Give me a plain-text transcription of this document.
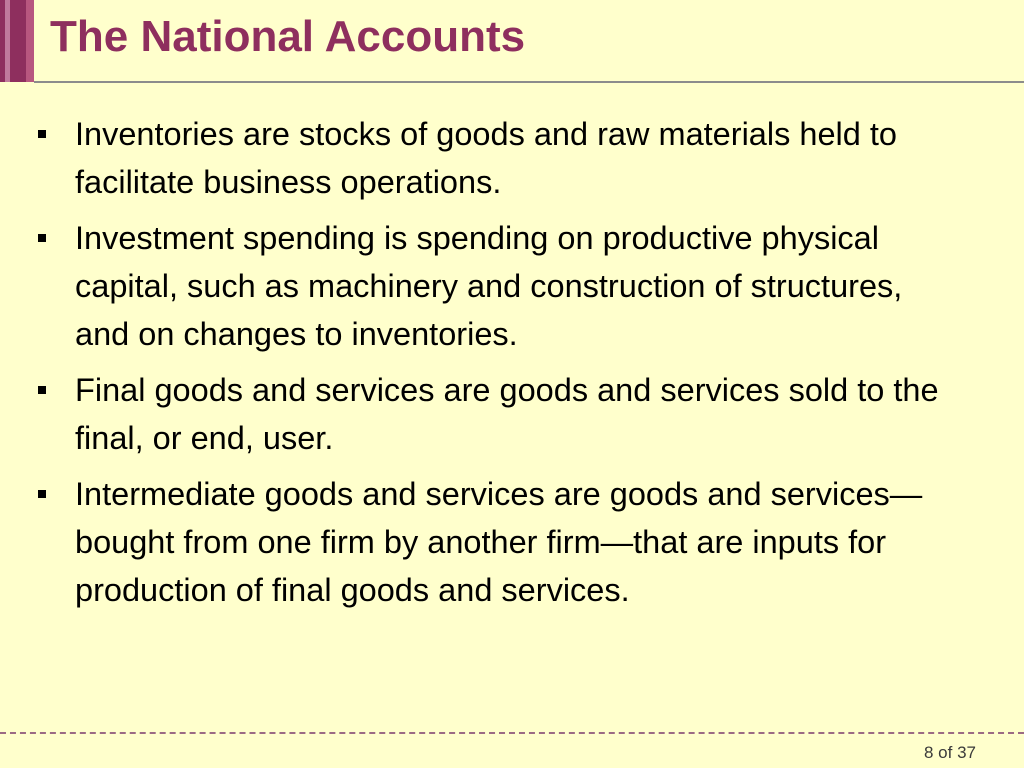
The National Accounts
Inventories are stocks of goods and raw materials held to facilitate business operations.
Investment spending is spending on productive physical capital, such as machinery and construction of structures, and on changes to inventories.
Final goods and services are goods and services sold to the final, or end, user.
Intermediate goods and services are goods and services—bought from one firm by another firm—that are inputs for production of final goods and services.
8 of 37
